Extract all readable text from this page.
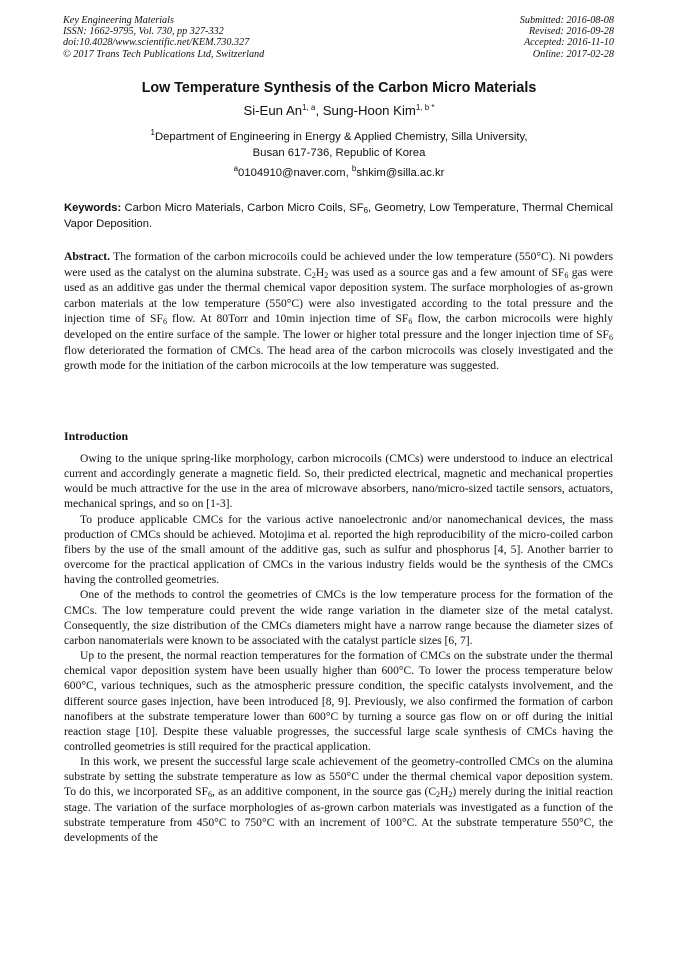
Key Engineering Materials
ISSN: 1662-9795, Vol. 730, pp 327-332
doi:10.4028/www.scientific.net/KEM.730.327
© 2017 Trans Tech Publications Ltd, Switzerland
Submitted: 2016-08-08
Revised: 2016-09-28
Accepted: 2016-11-10
Online: 2017-02-28
Low Temperature Synthesis of the Carbon Micro Materials
Si-Eun An$^{1, a}$, Sung-Hoon Kim$^{1, b *}$
$^1$Department of Engineering in Energy & Applied Chemistry, Silla University,
Busan 617-736, Republic of Korea
$^a$0104910@naver.com, $^b$shkim@silla.ac.kr
Keywords: Carbon Micro Materials, Carbon Micro Coils, $SF_6$, Geometry, Low Temperature, Thermal Chemical Vapor Deposition.
Abstract. The formation of the carbon microcoils could be achieved under the low temperature (550°C). Ni powders were used as the catalyst on the alumina substrate. $C_2H_2$ was used as a source gas and a few amount of $SF_6$ gas were used as an additive gas under the thermal chemical vapor deposition system. The surface morphologies of as-grown carbon materials at the low temperature (550°C) were also investigated according to the total pressure and the injection time of $SF_6$ flow. At 80Torr and 10min injection time of $SF_6$ flow, the carbon microcoils were highly developed on the entire surface of the sample. The lower or higher total pressure and the longer injection time of $SF_6$ flow deteriorated the formation of CMCs. The head area of the carbon microcoils was closely investigated and the growth mode for the initiation of the carbon microcoils at the low temperature was suggested.
Introduction

Owing to the unique spring-like morphology, carbon microcoils (CMCs) were understood to induce an electrical current and accordingly generate a magnetic field. So, their predicted electrical, magnetic and mechanical properties would be much attractive for the use in the area of microwave absorbers, nano/micro-sized tactile sensors, actuators, mechanical springs, and so on [1-3].

To produce applicable CMCs for the various active nanoelectronic and/or nanomechanical devices, the mass production of CMCs should be achieved. Motojima et al. reported the high reproducibility of the micro-coiled carbon fibers by the use of the small amount of the additive gas, such as sulfur and phosphorus [4, 5]. Another barrier to overcome for the practical application of CMCs in the various industry fields would be the synthesis of the CMCs having the controlled geometries.

One of the methods to control the geometries of CMCs is the low temperature process for the formation of the CMCs. The low temperature could prevent the wide range variation in the diameter size of the metal catalyst. Consequently, the size distribution of the CMCs diameters might have a narrow range because the diameter sizes of carbon nanomaterials were known to be associated with the catalyst particle sizes [6, 7].

Up to the present, the normal reaction temperatures for the formation of CMCs on the substrate under the thermal chemical vapor deposition system have been usually higher than 600°C. To lower the process temperature below 600°C, various techniques, such as the atmospheric pressure condition, the specific catalysts involvement, and the different source gases injection, have been introduced [8, 9]. Previously, we also confirmed the formation of carbon nanofibers at the substrate temperature lower than 600°C by turning a source gas flow on or off during the initial reaction stage [10]. Despite these valuable progresses, the successful large scale synthesis of CMCs having the controlled geometries is still required for the practical application.

In this work, we present the successful large scale achievement of the geometry-controlled CMCs on the alumina substrate by setting the substrate temperature as low as 550°C under the thermal chemical vapor deposition system. To do this, we incorporated $SF_6$, as an additive component, in the source gas $(C_2H_2)$ merely during the initial reaction stage. The variation of the surface morphologies of as-grown carbon materials was investigated as a function of the substrate temperature from 450°C to 750°C with an increment of 100°C. At the substrate temperature 550°C, the developments of the
